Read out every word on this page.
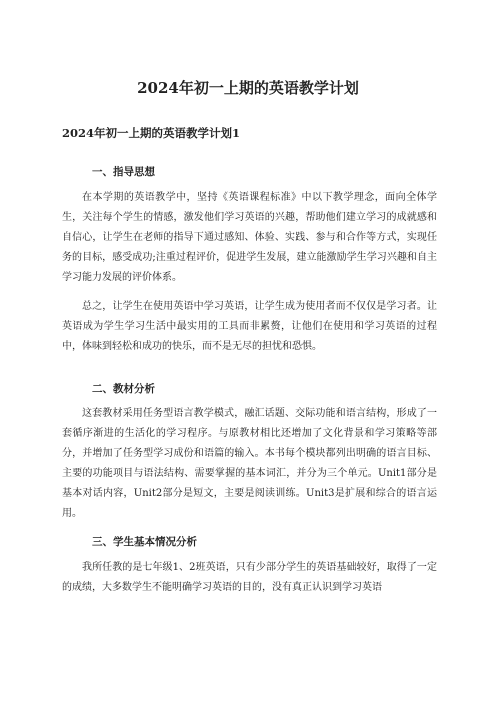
2024年初一上期的英语教学计划
2024年初一上期的英语教学计划1
一、指导思想

在本学期的英语教学中，坚持《英语课程标准》中以下教学理念，面向全体学生，关注每个学生的情感，激发他们学习英语的兴趣，帮助他们建立学习的成就感和自信心，让学生在老师的指导下通过感知、体验、实践、参与和合作等方式，实现任务的目标，感受成功;注重过程评价，促进学生发展，建立能激励学生学习兴趣和自主学习能力发展的评价体系。

总之，让学生在使用英语中学习英语，让学生成为使用者而不仅仅是学习者。让英语成为学生学习生活中最实用的工具而非累赘，让他们在使用和学习英语的过程中，体味到轻松和成功的快乐，而不是无尽的担忧和恐惧。

二、教材分析

这套教材采用任务型语言教学模式，融汇话题、交际功能和语言结构，形成了一套循序渐进的生活化的学习程序。与原教材相比还增加了文化背景和学习策略等部分，并增加了任务型学习成份和语篇的输入。本书每个模块都列出明确的语言目标、主要的功能项目与语法结构、需要掌握的基本词汇，并分为三个单元。Unit1部分是基本对话内容，Unit2部分是短文，主要是阅读训练。Unit3是扩展和综合的语言运用。

三、学生基本情况分析

我所任教的是七年级1、2班英语，只有少部分学生的英语基础较好，取得了一定的成绩，大多数学生不能明确学习英语的目的，没有真正认识到学习英语
